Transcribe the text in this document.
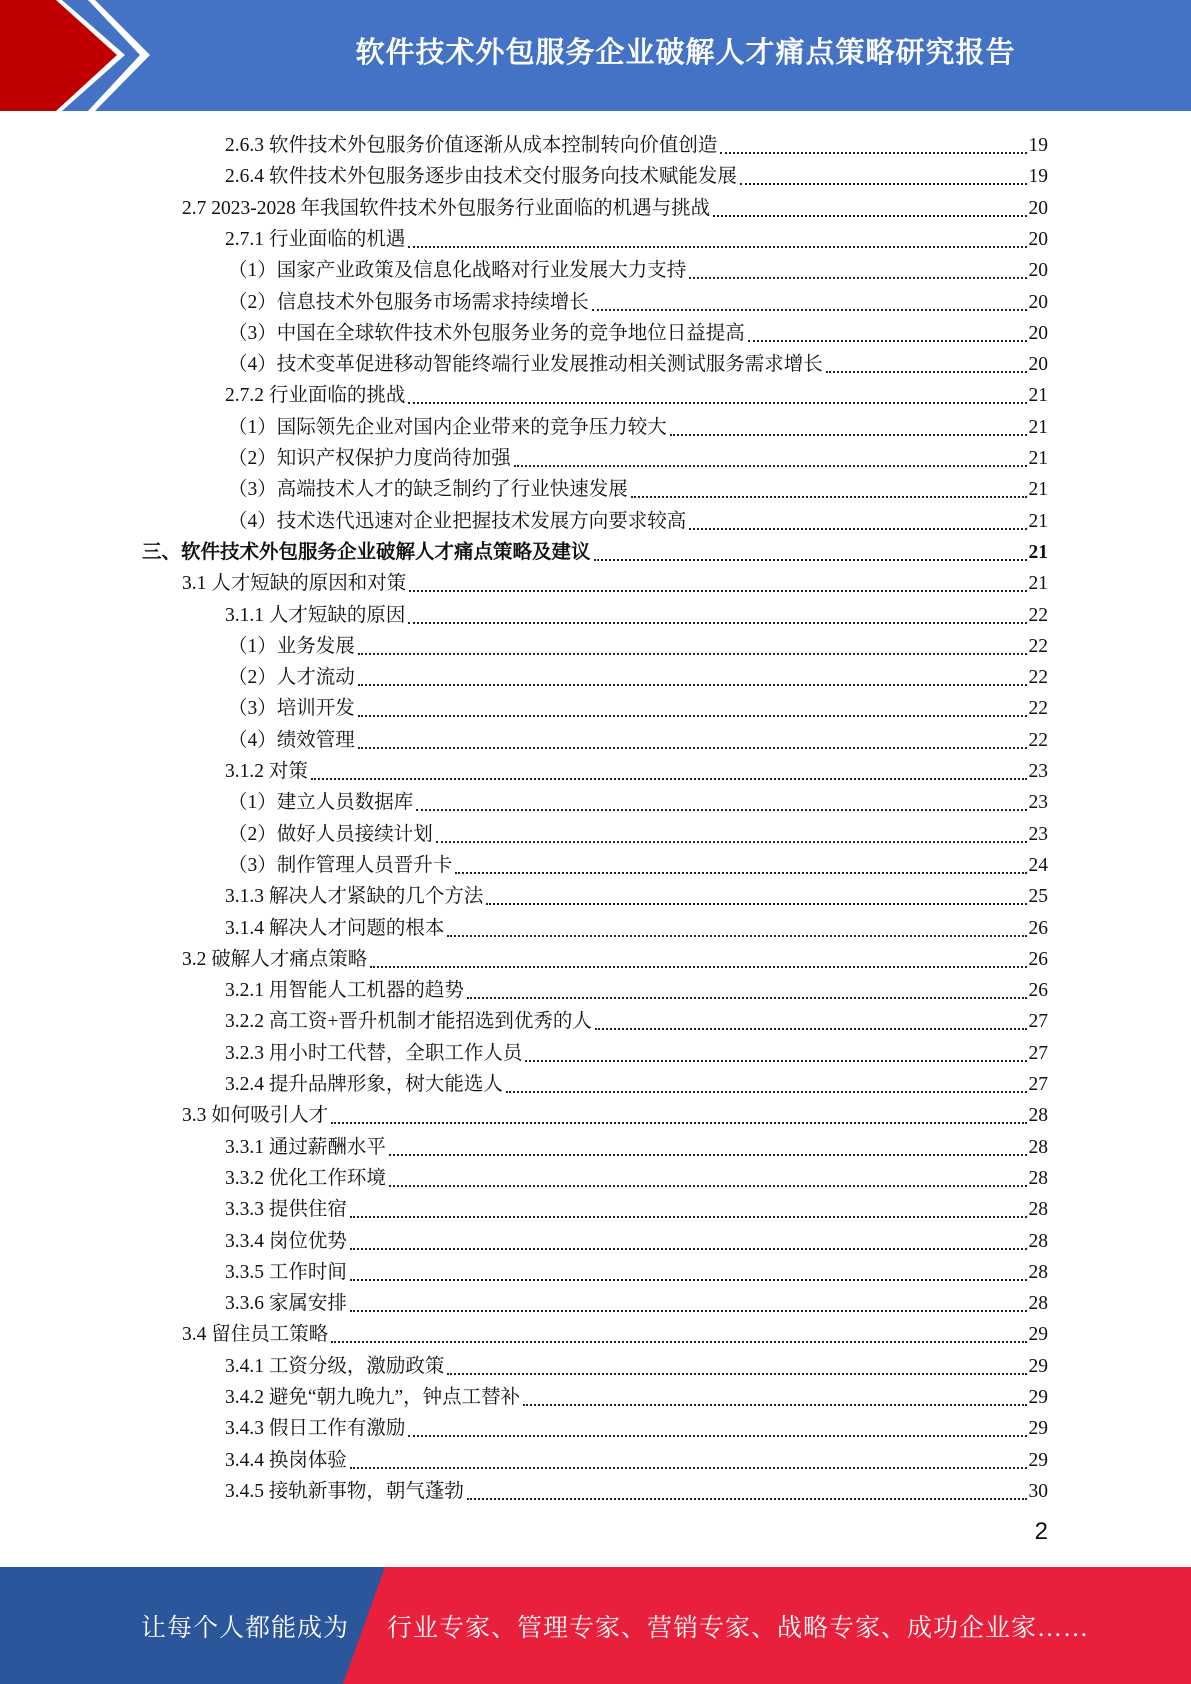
软件技术外包服务企业破解人才痛点策略研究报告
2.6.3 软件技术外包服务价值逐渐从成本控制转向价值创造	19
2.6.4 软件技术外包服务逐步由技术交付服务向技术赋能发展	19
2.7 2023-2028 年我国软件技术外包服务行业面临的机遇与挑战	20
2.7.1 行业面临的机遇	20
（1）国家产业政策及信息化战略对行业发展大力支持	20
（2）信息技术外包服务市场需求持续增长	20
（3）中国在全球软件技术外包服务业务的竞争地位日益提高	20
（4）技术变革促进移动智能终端行业发展推动相关测试服务需求增长	20
2.7.2 行业面临的挑战	21
（1）国际领先企业对国内企业带来的竞争压力较大	21
（2）知识产权保护力度尚待加强	21
（3）高端技术人才的缺乏制约了行业快速发展	21
（4）技术迭代迅速对企业把握技术发展方向要求较高	21
三、软件技术外包服务企业破解人才痛点策略及建议	21
3.1 人才短缺的原因和对策	21
3.1.1 人才短缺的原因	22
（1）业务发展	22
（2）人才流动	22
（3）培训开发	22
（4）绩效管理	22
3.1.2 对策	23
（1）建立人员数据库	23
（2）做好人员接续计划	23
（3）制作管理人员晋升卡	24
3.1.3 解决人才紧缺的几个方法	25
3.1.4 解决人才问题的根本	26
3.2 破解人才痛点策略	26
3.2.1 用智能人工机器的趋势	26
3.2.2 高工资+晋升机制才能招选到优秀的人	27
3.2.3 用小时工代替，全职工作人员	27
3.2.4 提升品牌形象，树大能选人	27
3.3 如何吸引人才	28
3.3.1 通过薪酬水平	28
3.3.2 优化工作环境	28
3.3.3 提供住宿	28
3.3.4 岗位优势	28
3.3.5 工作时间	28
3.3.6 家属安排	28
3.4 留住员工策略	29
3.4.1 工资分级，激励政策	29
3.4.2 避免“朝九晚九”，钟点工替补	29
3.4.3 假日工作有激励	29
3.4.4 换岗体验	29
3.4.5 接轨新事物，朝气蓬勃	30
2
让每个人都能成为	行业专家、管理专家、营销专家、战略专家、成功企业家……
